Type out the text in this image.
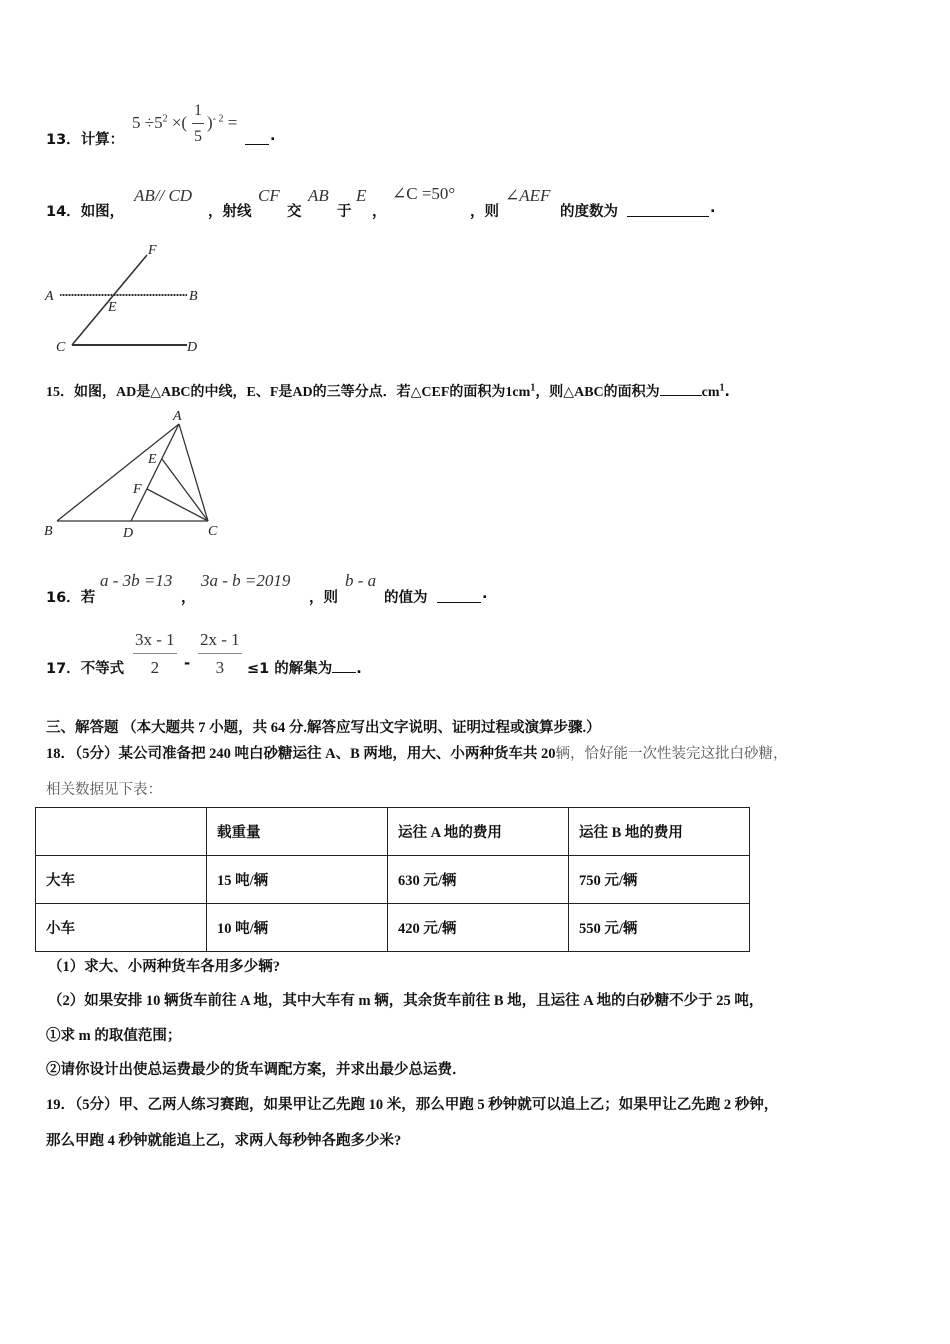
13．计算：
$5 \div 5^2$ ×( $\frac{1}{5} )^{- 2}$ =
.
14．如图，
AB// CD
，射线
CF
交
AB
于
E
，
∠C =50°
，则
∠AEF
的度数为	.
F
A
E
B
C	D
15．如图，AD是△ABC的中线，E、F是AD的三等分点．若△CEF的面积为$1cm^1$，则△ABC的面积为	$cm^1$.
A
E
F
B	D	C
16．若
a - 3b =13
，
3a - b =2019
，则
b - a
的值为	.
17．不等式 $\frac{3x - 1}{2} - \frac{2x - 1}{3} \le 1$ 的解集为 .
三、解答题 （本大题共 7 小题，共 64 分.解答应写出文字说明、证明过程或演算步骤.）
18．（5分）某公司准备把 240 吨白砂糖运往 A、B 两地，用大、小两种货车共 20辆，恰好能一次性装完这批白砂糖，
相关数据见下表：
	载重量	运往 A 地的费用	运往 B 地的费用
大车	15 吨/辆	630 元/辆	750 元/辆
小车	10 吨/辆	420 元/辆	550 元/辆
（1）求大、小两种货车各用多少辆?
（2）如果安排 10 辆货车前往 A 地，其中大车有 m 辆，其余货车前往 B 地，且运往 A 地的白砂糖不少于 25 吨，
①求 m 的取值范围；
②请你设计出使总运费最少的货车调配方案，并求出最少总运费．
19．（5分）甲、乙两人练习赛跑，如果甲让乙先跑 10 米，那么甲跑 5 秒钟就可以追上乙；如果甲让乙先跑 2 秒钟，
那么甲跑 4 秒钟就能追上乙，求两人每秒钟各跑多少米?
